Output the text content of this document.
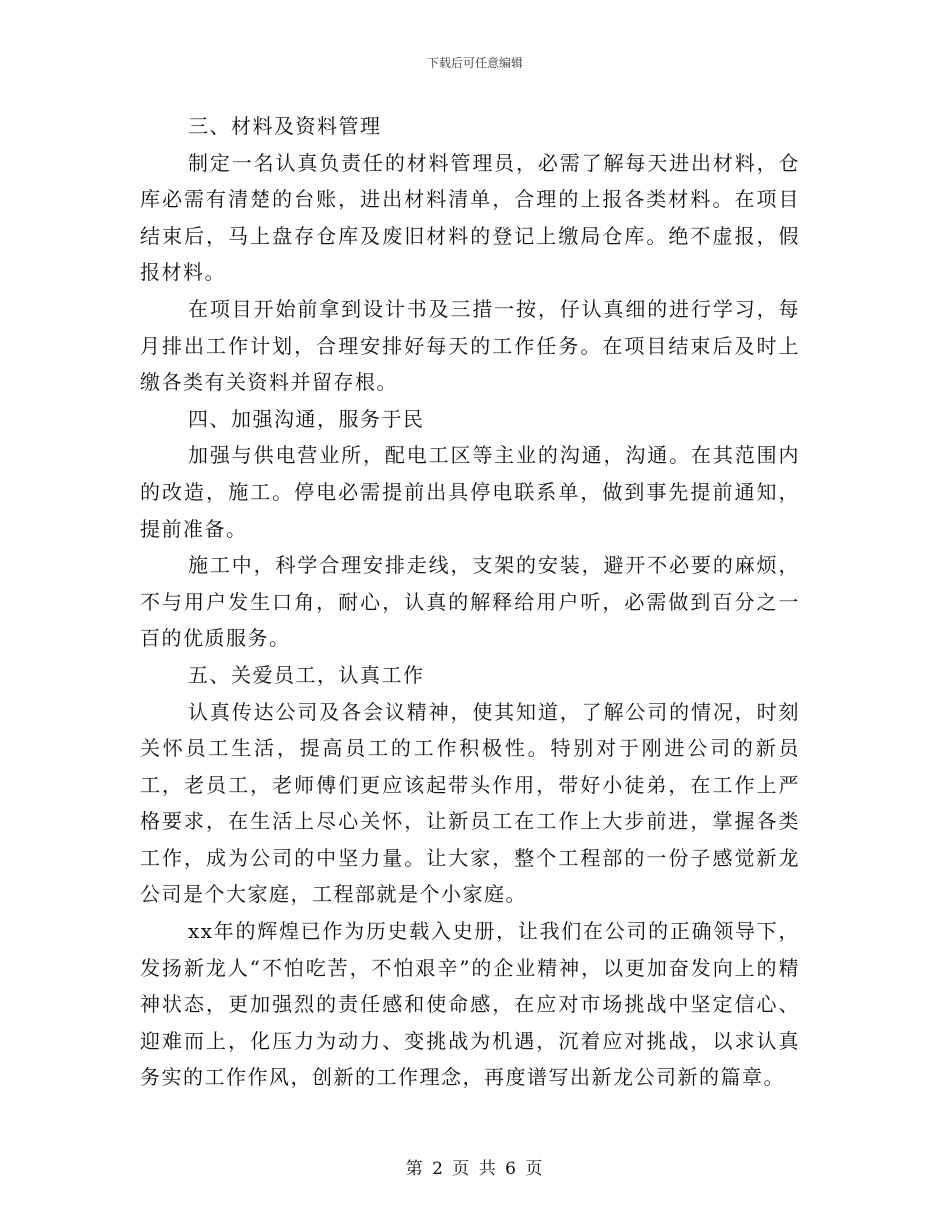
下载后可任意编辑

三、材料及资料管理

制定一名认真负责任的材料管理员，必需了解每天进出材料，仓库必需有清楚的台账，进出材料清单，合理的上报各类材料。在项目结束后，马上盘存仓库及废旧材料的登记上缴局仓库。绝不虚报，假报材料。

在项目开始前拿到设计书及三措一按，仔认真细的进行学习，每月排出工作计划，合理安排好每天的工作任务。在项目结束后及时上缴各类有关资料并留存根。

四、加强沟通，服务于民

加强与供电营业所，配电工区等主业的沟通，沟通。在其范围内的改造，施工。停电必需提前出具停电联系单，做到事先提前通知，提前准备。

施工中，科学合理安排走线，支架的安装，避开不必要的麻烦，不与用户发生口角，耐心，认真的解释给用户听，必需做到百分之一百的优质服务。

五、关爱员工，认真工作

认真传达公司及各会议精神，使其知道，了解公司的情况，时刻关怀员工生活，提高员工的工作积极性。特别对于刚进公司的新员工，老员工，老师傅们更应该起带头作用，带好小徒弟，在工作上严格要求，在生活上尽心关怀，让新员工在工作上大步前进，掌握各类工作，成为公司的中坚力量。让大家，整个工程部的一份子感觉新龙公司是个大家庭，工程部就是个小家庭。

xx年的辉煌已作为历史载入史册，让我们在公司的正确领导下，发扬新龙人“不怕吃苦，不怕艰辛”的企业精神，以更加奋发向上的精神状态，更加强烈的责任感和使命感，在应对市场挑战中坚定信心、迎难而上，化压力为动力、变挑战为机遇，沉着应对挑战，以求认真务实的工作作风，创新的工作理念，再度谱写出新龙公司新的篇章。

第 2 页 共 6 页
